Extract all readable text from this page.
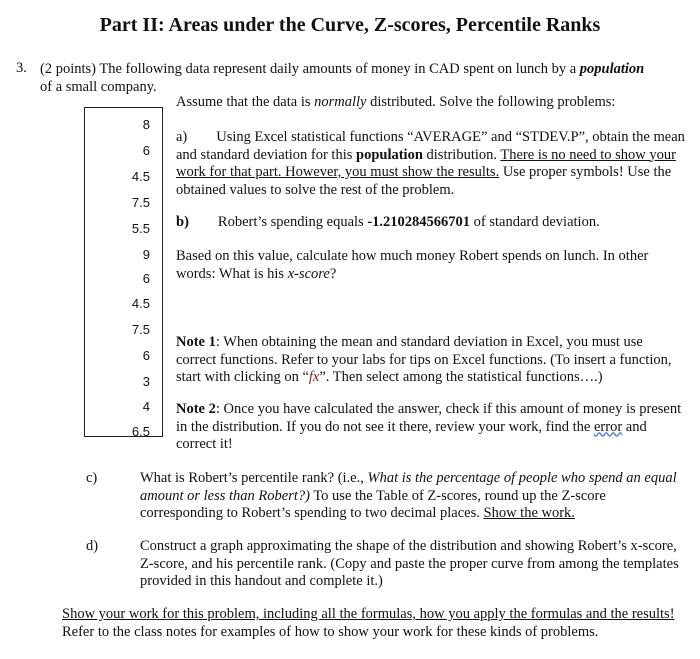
Part II: Areas under the Curve, Z-scores, Percentile Ranks
3. (2 points) The following data represent daily amounts of money in CAD spent on lunch by a population
of a small company.
Assume that the data is normally distributed. Solve the following problems:
8
6
4.5
7.5
5.5
9
6
4.5
7.5
6
3
4
6.5
a) Using Excel statistical functions “AVERAGE” and “STDEV.P”, obtain the mean and standard deviation for this population distribution. There is no need to show your work for that part. However, you must show the results. Use proper symbols! Use the obtained values to solve the rest of the problem.
b) Robert’s spending equals -1.210284566701 of standard deviation.
Based on this value, calculate how much money Robert spends on lunch. In other words: What is his x-score?
Note 1: When obtaining the mean and standard deviation in Excel, you must use correct functions. Refer to your labs for tips on Excel functions. (To insert a function, start with clicking on “fx”. Then select among the statistical functions….)
Note 2: Once you have calculated the answer, check if this amount of money is present in the distribution. If you do not see it there, review your work, find the error and correct it!
c)	What is Robert’s percentile rank? (i.e., What is the percentage of people who spend an equal amount or less than Robert?) To use the Table of Z-scores, round up the Z-score corresponding to Robert’s spending to two decimal places. Show the work.
d)	Construct a graph approximating the shape of the distribution and showing Robert’s x-score, Z-score, and his percentile rank. (Copy and paste the proper curve from among the templates provided in this handout and complete it.)
Show your work for this problem, including all the formulas, how you apply the formulas and the results! Refer to the class notes for examples of how to show your work for these kinds of problems.
